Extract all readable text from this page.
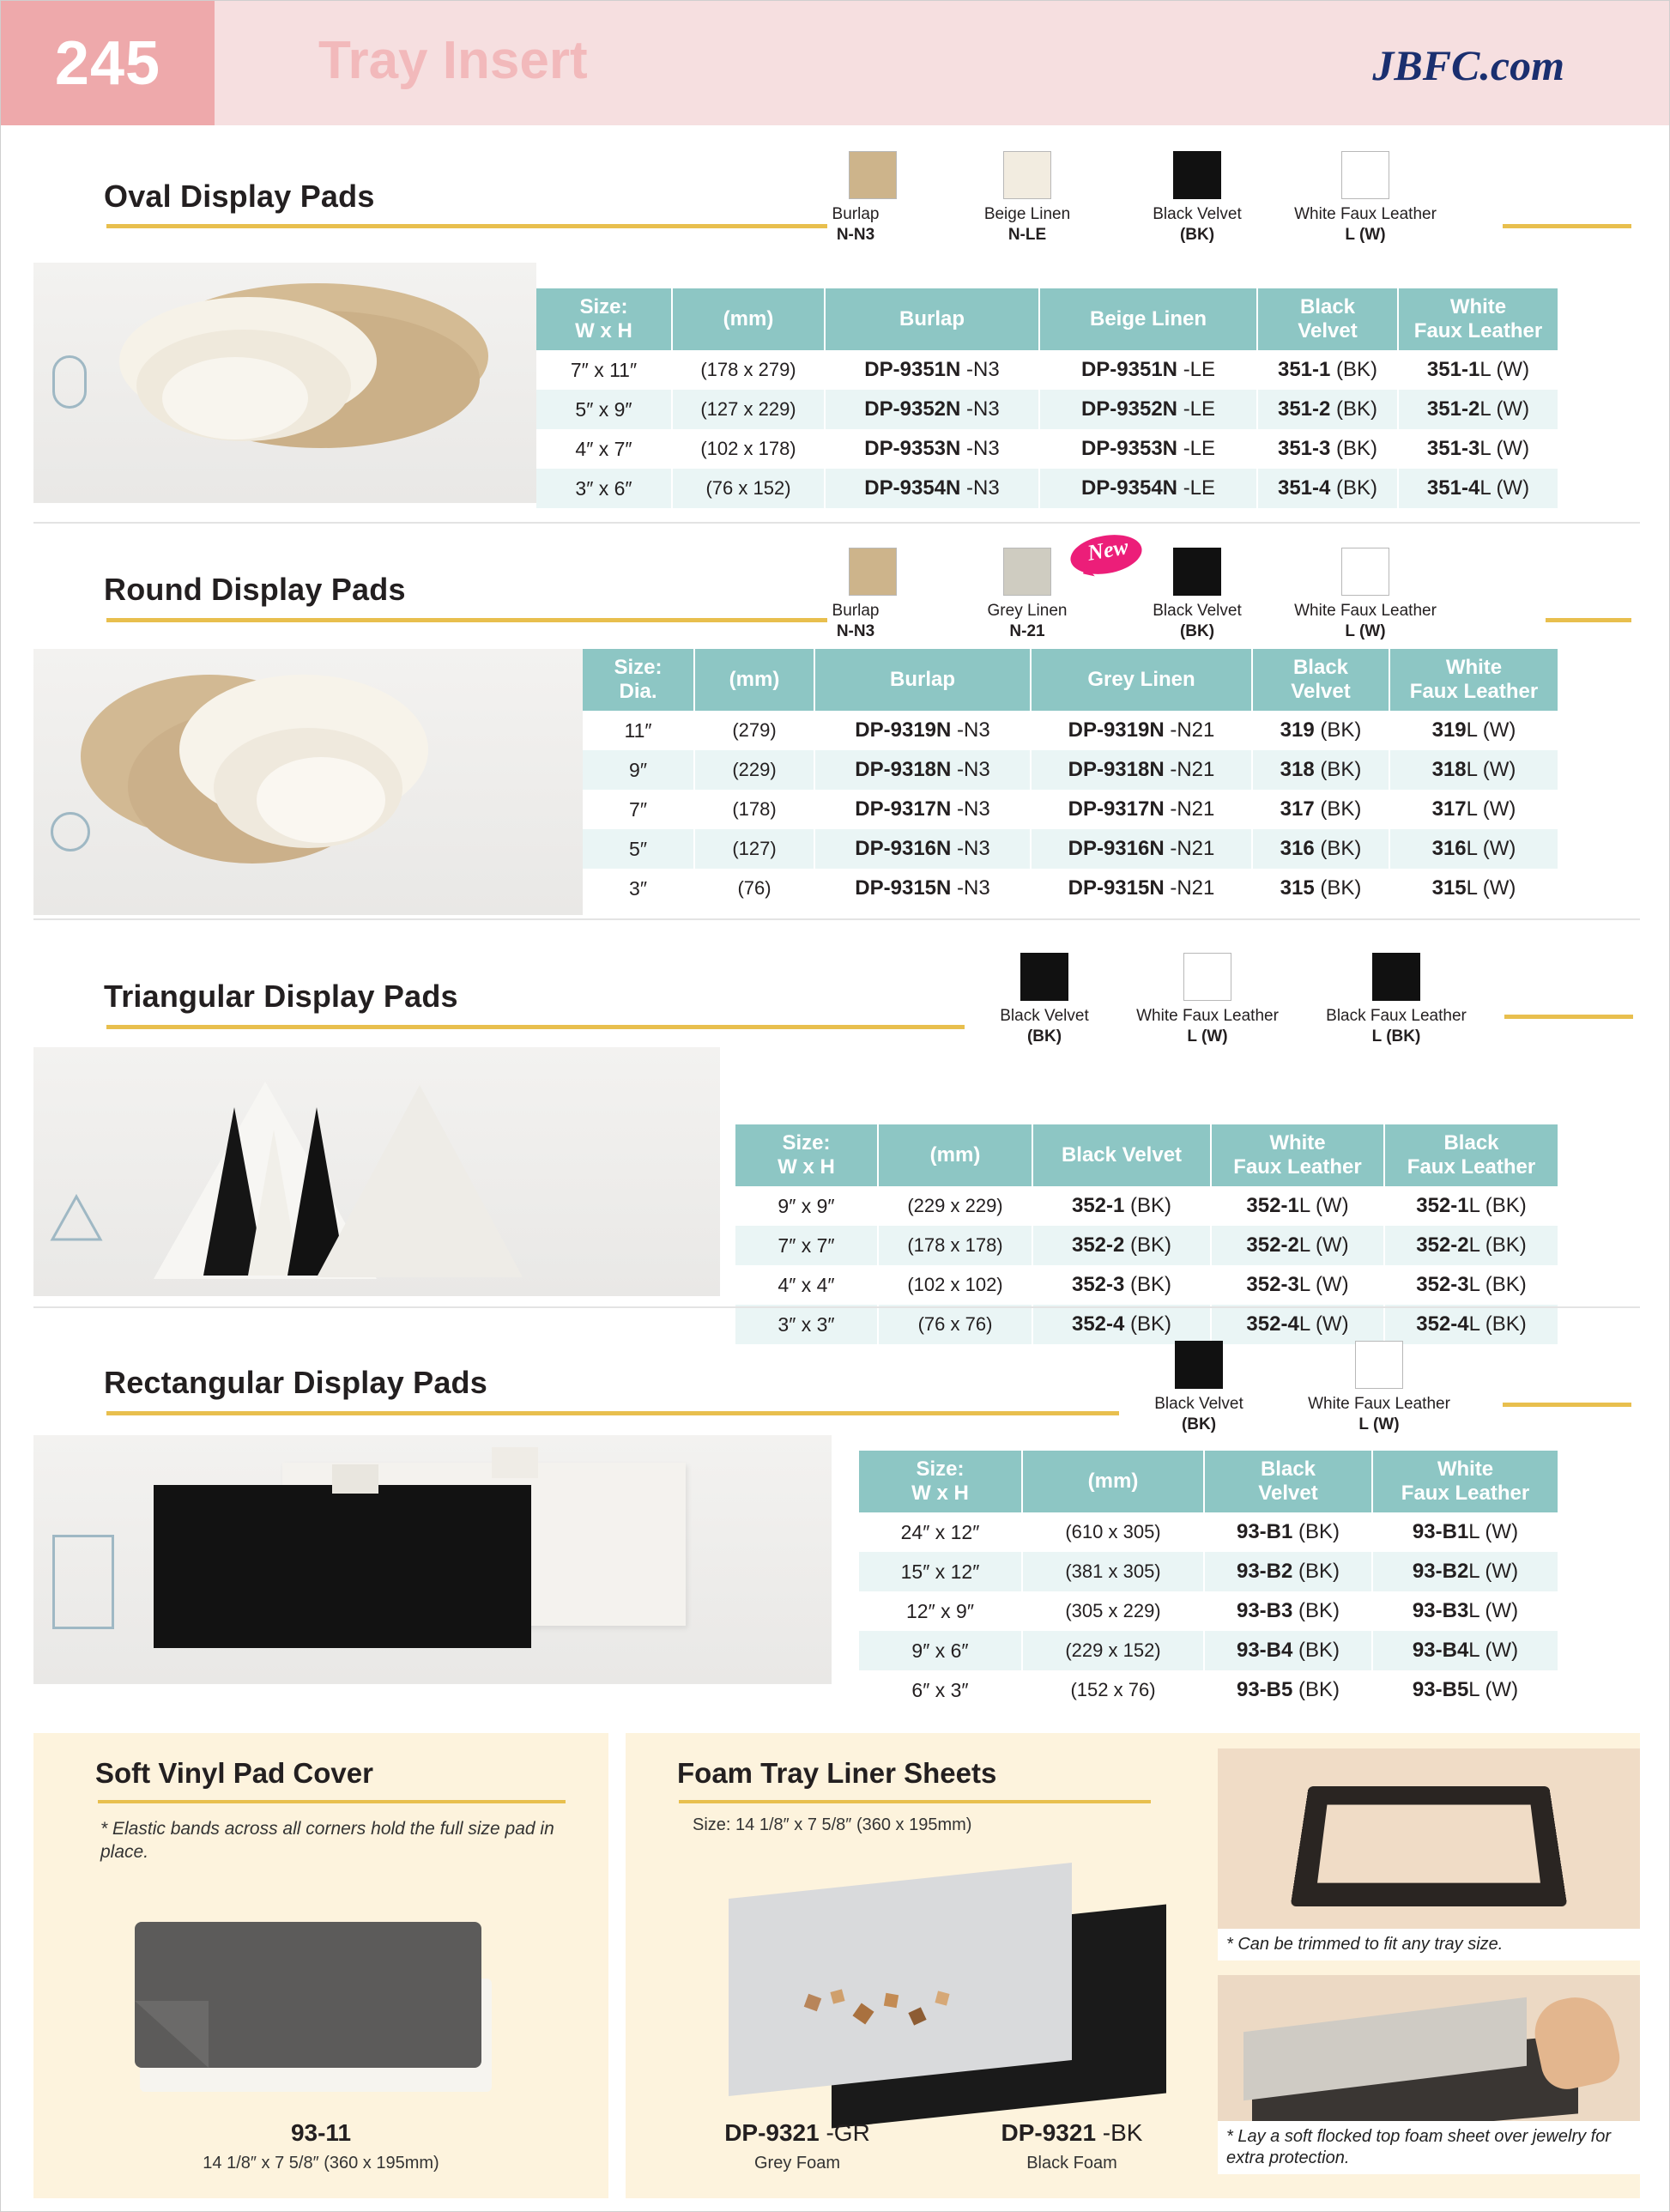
245	Tray Insert	JBFC.com
Oval Display Pads
Burlap
N-N3
Beige Linen
N-LE
Black Velvet
(BK)
White Faux Leather
L (W)
Size:
W x H	(mm)	Burlap	Beige Linen	Black
Velvet	White
Faux Leather
7″ x 11″	(178 x 279)	DP-9351N -N3	DP-9351N -LE	351-1 (BK)	351-1L (W)
5″ x 9″	(127 x 229)	DP-9352N -N3	DP-9352N -LE	351-2 (BK)	351-2L (W)
4″ x 7″	(102 x 178)	DP-9353N -N3	DP-9353N -LE	351-3 (BK)	351-3L (W)
3″ x 6″	(76 x 152)	DP-9354N -N3	DP-9354N -LE	351-4 (BK)	351-4L (W)
Round Display Pads
Burlap
N-N3
Grey Linen
N-21
New
Black Velvet
(BK)
White Faux Leather
L (W)
Size:
Dia.	(mm)	Burlap	Grey Linen	Black
Velvet	White
Faux Leather
11″	(279)	DP-9319N -N3	DP-9319N -N21	319 (BK)	319L (W)
9″	(229)	DP-9318N -N3	DP-9318N -N21	318 (BK)	318L (W)
7″	(178)	DP-9317N -N3	DP-9317N -N21	317 (BK)	317L (W)
5″	(127)	DP-9316N -N3	DP-9316N -N21	316 (BK)	316L (W)
3″	(76)	DP-9315N -N3	DP-9315N -N21	315 (BK)	315L (W)
Triangular Display Pads
Black Velvet
(BK)
White Faux Leather
L (W)
Black Faux Leather
L (BK)
Size:
W x H	(mm)	Black Velvet	White
Faux Leather	Black
Faux Leather
9″ x 9″	(229 x 229)	352-1 (BK)	352-1L (W)	352-1L (BK)
7″ x 7″	(178 x 178)	352-2 (BK)	352-2L (W)	352-2L (BK)
4″ x 4″	(102 x 102)	352-3 (BK)	352-3L (W)	352-3L (BK)
3″ x 3″	(76 x 76)	352-4 (BK)	352-4L (W)	352-4L (BK)
Rectangular Display Pads
Black Velvet
(BK)
White Faux Leather
L (W)
Size:
W x H	(mm)	Black
Velvet	White
Faux Leather
24″ x 12″	(610 x 305)	93-B1 (BK)	93-B1L (W)
15″ x 12″	(381 x 305)	93-B2 (BK)	93-B2L (W)
12″ x 9″	(305 x 229)	93-B3 (BK)	93-B3L (W)
9″ x 6″	(229 x 152)	93-B4 (BK)	93-B4L (W)
6″ x 3″	(152 x 76)	93-B5 (BK)	93-B5L (W)
Soft Vinyl Pad Cover
* Elastic bands across all corners hold the full size pad in place.
93-11
14 1/8″ x 7 5/8″ (360 x 195mm)
Foam Tray Liner Sheets
Size: 14 1/8″ x 7 5/8″ (360 x 195mm)
DP-9321 -GR
Grey Foam
DP-9321 -BK
Black Foam
* Can be trimmed to fit any tray size.
* Lay a soft flocked top foam sheet over jewelry for extra protection.
